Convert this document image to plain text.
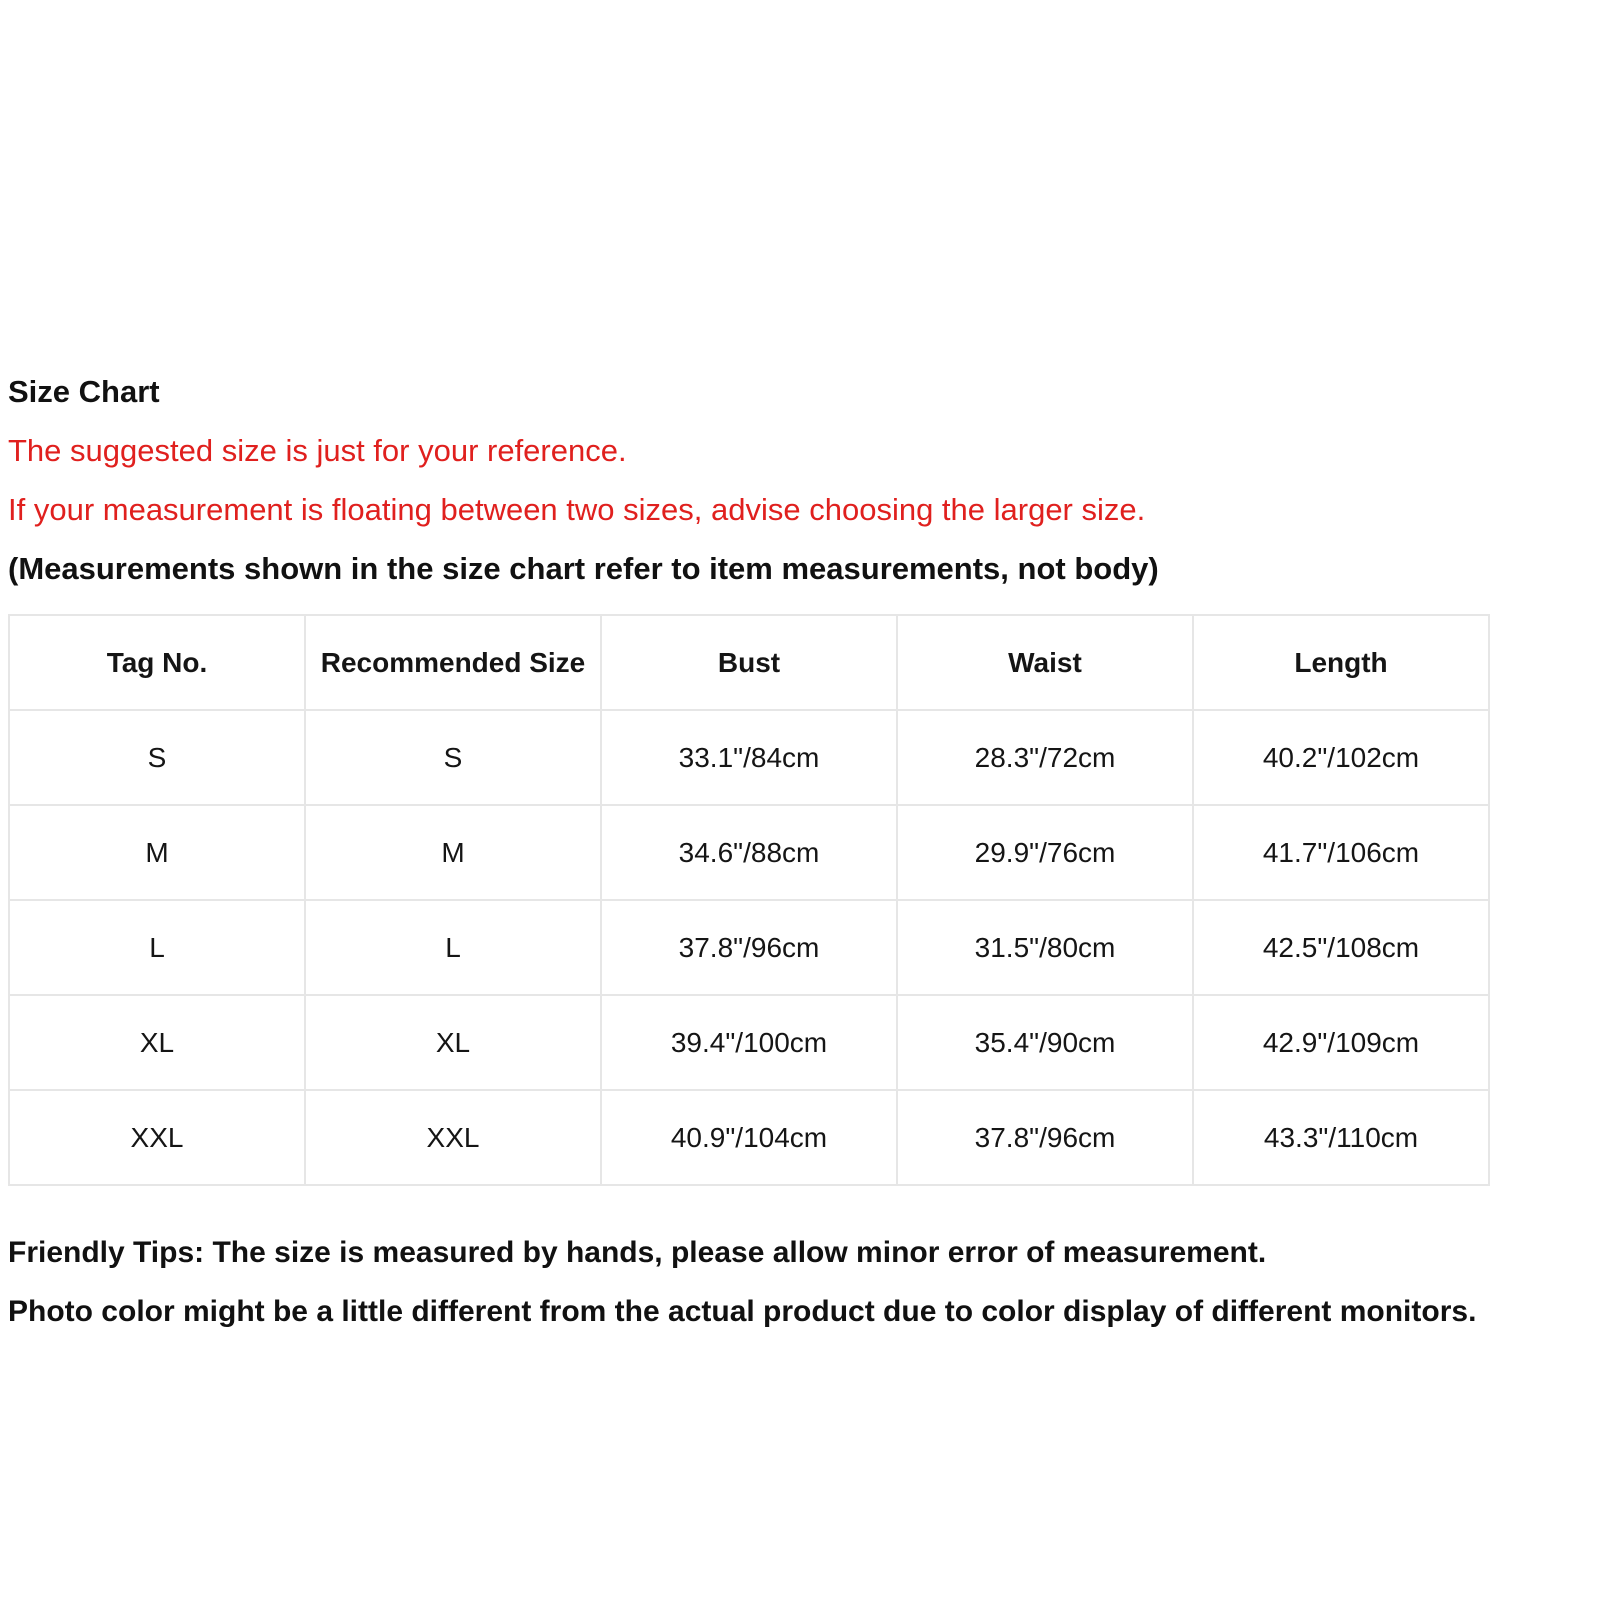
Size Chart
The suggested size is just for your reference.
If your measurement is floating between two sizes, advise choosing the larger size.
(Measurements shown in the size chart refer to item measurements, not body)
Tag No.	Recommended Size	Bust	Waist	Length
S	S	33.1"/84cm	28.3"/72cm	40.2"/102cm
M	M	34.6"/88cm	29.9"/76cm	41.7"/106cm
L	L	37.8"/96cm	31.5"/80cm	42.5"/108cm
XL	XL	39.4"/100cm	35.4"/90cm	42.9"/109cm
XXL	XXL	40.9"/104cm	37.8"/96cm	43.3"/110cm
Friendly Tips: The size is measured by hands, please allow minor error of measurement.
Photo color might be a little different from the actual product due to color display of different monitors.
